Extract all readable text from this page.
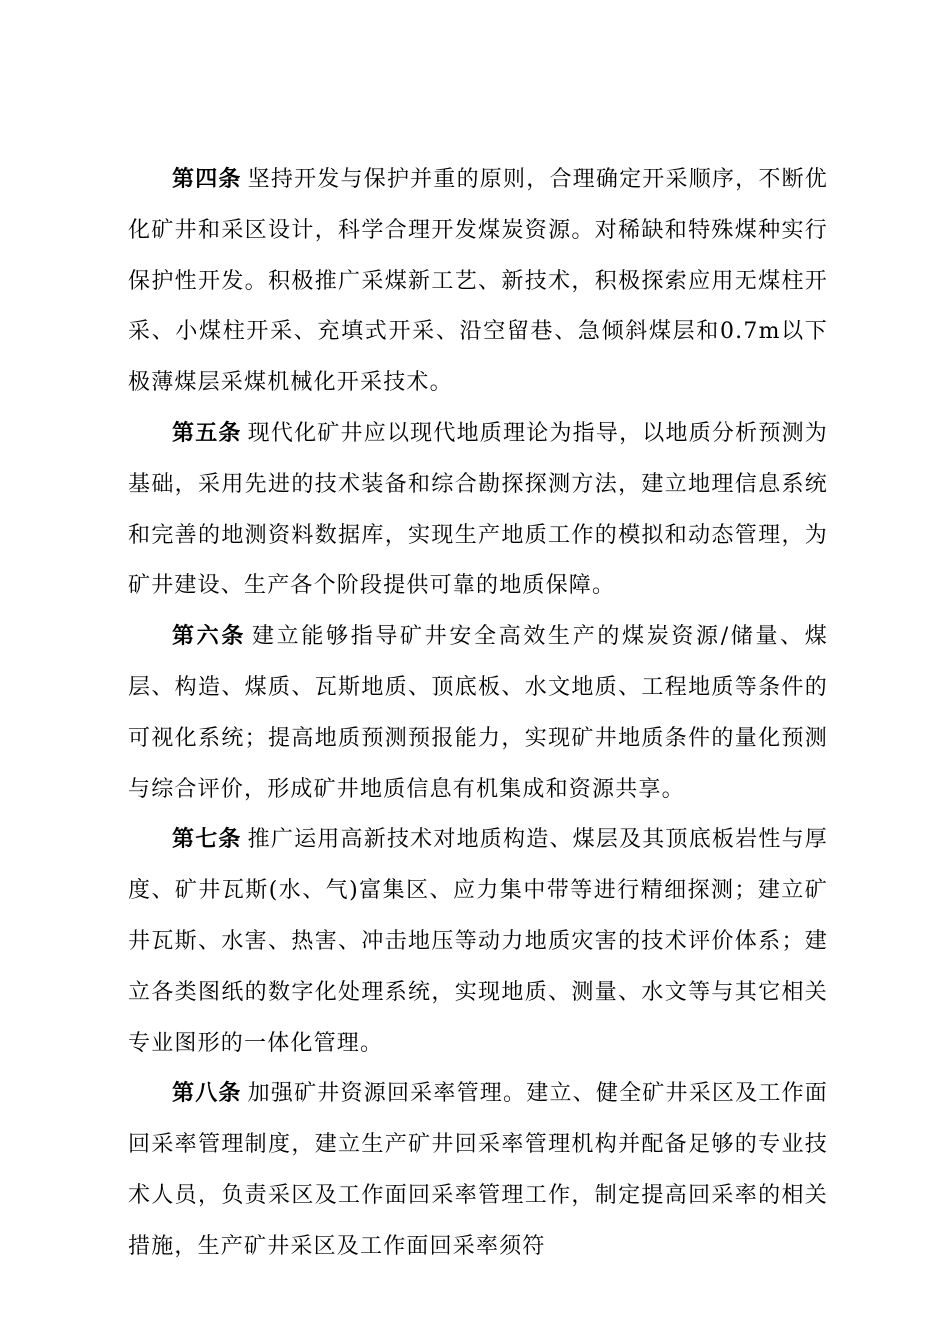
第四条 坚持开发与保护并重的原则，合理确定开采顺序，不断优化矿井和采区设计，科学合理开发煤炭资源。对稀缺和特殊煤种实行保护性开发。积极推广采煤新工艺、新技术，积极探索应用无煤柱开采、小煤柱开采、充填式开采、沿空留巷、急倾斜煤层和0.7m以下极薄煤层采煤机械化开采技术。

第五条 现代化矿井应以现代地质理论为指导，以地质分析预测为基础，采用先进的技术装备和综合勘探探测方法，建立地理信息系统和完善的地测资料数据库，实现生产地质工作的模拟和动态管理，为矿井建设、生产各个阶段提供可靠的地质保障。

第六条 建立能够指导矿井安全高效生产的煤炭资源/储量、煤层、构造、煤质、瓦斯地质、顶底板、水文地质、工程地质等条件的可视化系统；提高地质预测预报能力，实现矿井地质条件的量化预测与综合评价，形成矿井地质信息有机集成和资源共享。

第七条 推广运用高新技术对地质构造、煤层及其顶底板岩性与厚度、矿井瓦斯(水、气)富集区、应力集中带等进行精细探测；建立矿井瓦斯、水害、热害、冲击地压等动力地质灾害的技术评价体系；建立各类图纸的数字化处理系统，实现地质、测量、水文等与其它相关专业图形的一体化管理。

第八条 加强矿井资源回采率管理。建立、健全矿井采区及工作面回采率管理制度，建立生产矿井回采率管理机构并配备足够的专业技术人员，负责采区及工作面回采率管理工作，制定提高回采率的相关措施，生产矿井采区及工作面回采率须符
